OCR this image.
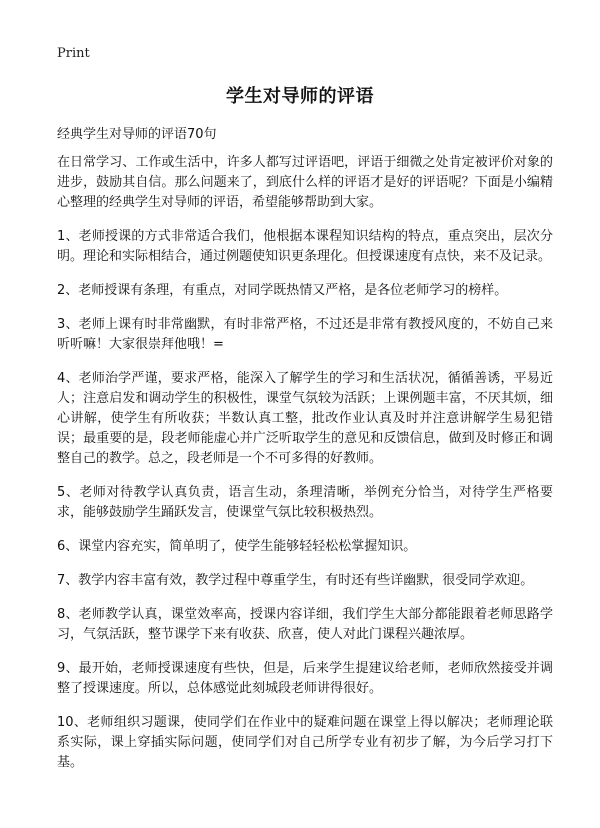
Print
学生对导师的评语
经典学生对导师的评语70句

在日常学习、工作或生活中，许多人都写过评语吧，评语于细微之处肯定被评价对象的进步，鼓励其自信。那么问题来了，到底什么样的评语才是好的评语呢？下面是小编精心整理的经典学生对导师的评语，希望能够帮助到大家。

1、老师授课的方式非常适合我们，他根据本课程知识结构的特点，重点突出，层次分明。理论和实际相结合，通过例题使知识更条理化。但授课速度有点快，来不及记录。

2、老师授课有条理，有重点，对同学既热情又严格，是各位老师学习的榜样。

3、老师上课有时非常幽默，有时非常严格，不过还是非常有教授风度的，不妨自己来听听嘛！大家很崇拜他哦！=

4、老师治学严谨，要求严格，能深入了解学生的学习和生活状况，循循善诱，平易近人；注意启发和调动学生的积极性，课堂气氛较为活跃；上课例题丰富，不厌其烦，细心讲解，使学生有所收获；半数认真工整，批改作业认真及时并注意讲解学生易犯错误；最重要的是，段老师能虚心并广泛听取学生的意见和反馈信息，做到及时修正和调整自己的教学。总之，段老师是一个不可多得的好教师。

5、老师对待教学认真负责，语言生动，条理清晰，举例充分恰当，对待学生严格要求，能够鼓励学生踊跃发言，使课堂气氛比较积极热烈。

6、课堂内容充实，简单明了，使学生能够轻轻松松掌握知识。

7、教学内容丰富有效，教学过程中尊重学生，有时还有些详幽默，很受同学欢迎。

8、老师教学认真，课堂效率高，授课内容详细，我们学生大部分都能跟着老师思路学习，气氛活跃，整节课学下来有收获、欣喜，使人对此门课程兴趣浓厚。

9、最开始，老师授课速度有些快，但是，后来学生提建议给老师，老师欣然接受并调整了授课速度。所以，总体感觉此刻城段老师讲得很好。

10、老师组织习题课，使同学们在作业中的疑难问题在课堂上得以解决；老师理论联系实际，课上穿插实际问题，使同学们对自己所学专业有初步了解，为今后学习打下基。
